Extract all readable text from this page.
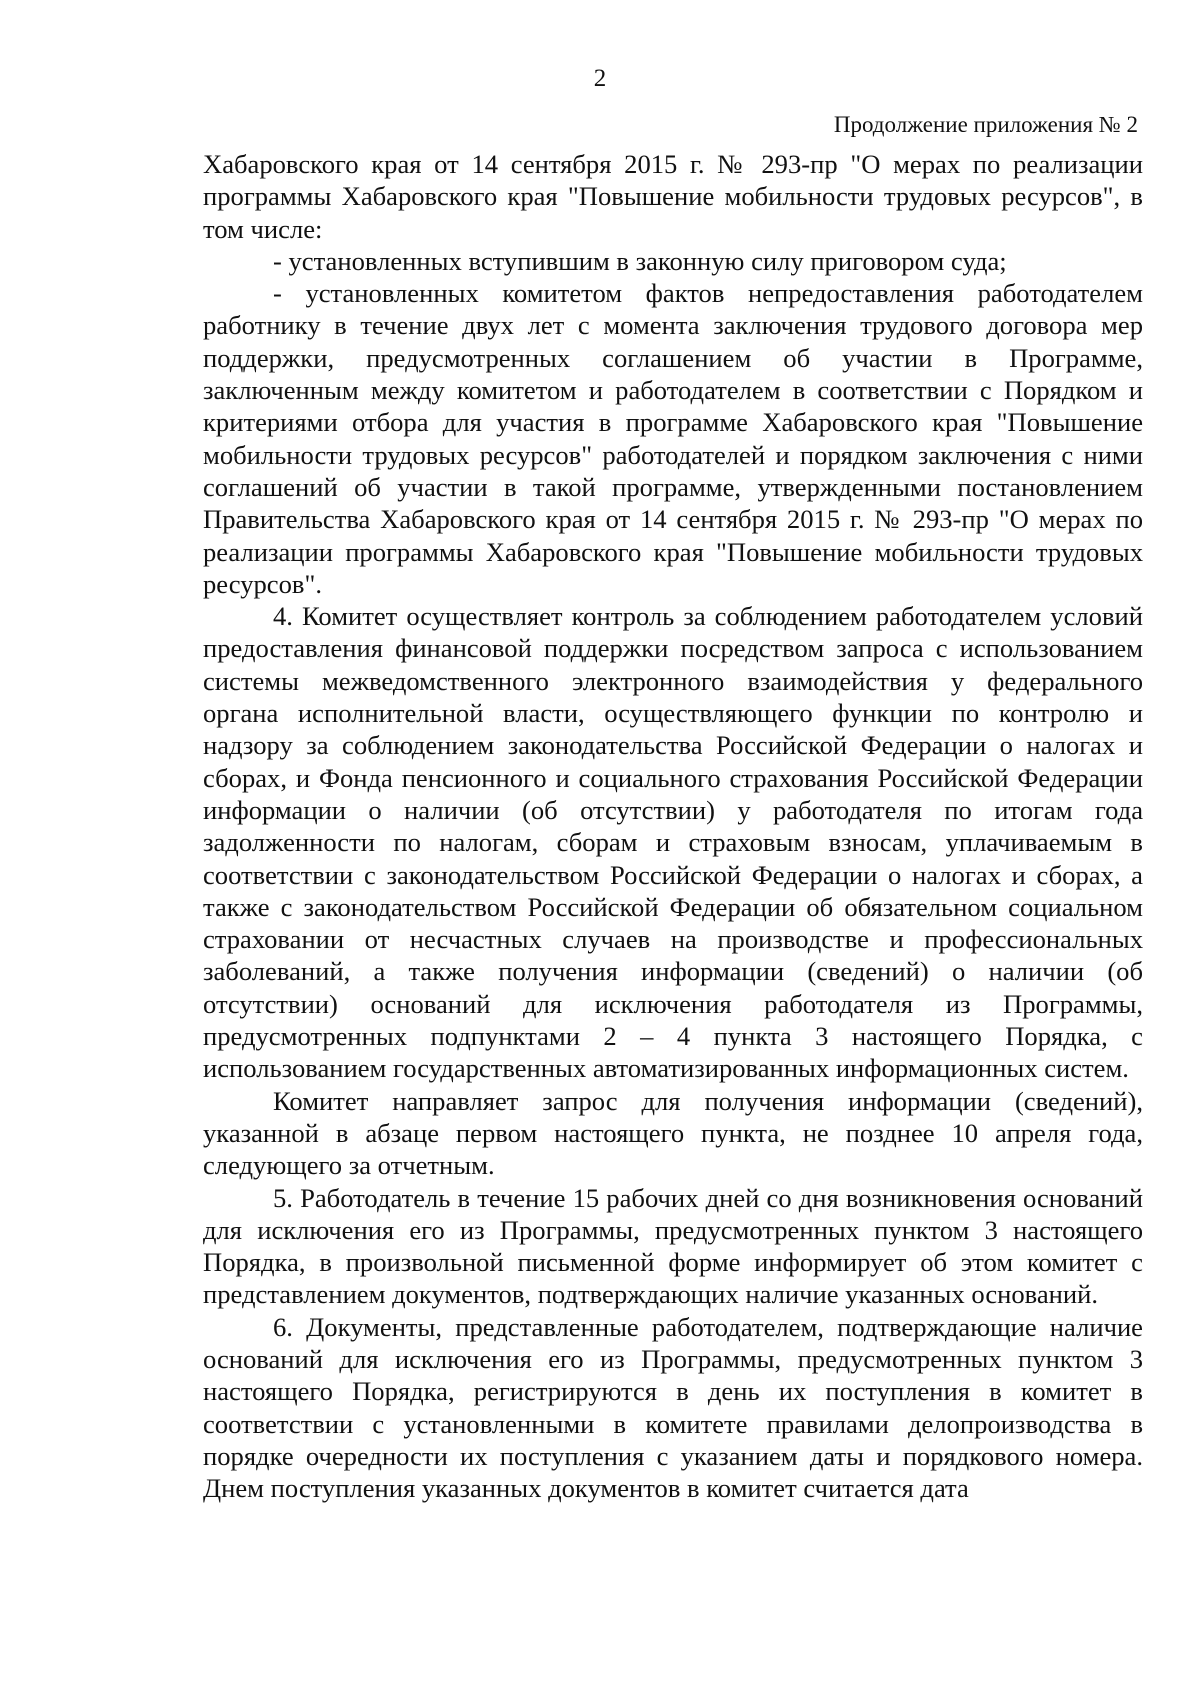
2
Продолжение приложения № 2

Хабаровского края от 14 сентября 2015 г. № 293-пр "О мерах по реализации программы Хабаровского края "Повышение мобильности трудовых ресурсов", в том числе:

- установленных вступившим в законную силу приговором суда;

- установленных комитетом фактов непредоставления работодателем работнику в течение двух лет с момента заключения трудового договора мер поддержки, предусмотренных соглашением об участии в Программе, заключенным между комитетом и работодателем в соответствии с Порядком и критериями отбора для участия в программе Хабаровского края "Повышение мобильности трудовых ресурсов" работодателей и порядком заключения с ними соглашений об участии в такой программе, утвержденными постановлением Правительства Хабаровского края от 14 сентября 2015 г. № 293-пр "О мерах по реализации программы Хабаровского края "Повышение мобильности трудовых ресурсов".

4. Комитет осуществляет контроль за соблюдением работодателем условий предоставления финансовой поддержки посредством запроса с использованием системы межведомственного электронного взаимодействия у федерального органа исполнительной власти, осуществляющего функции по контролю и надзору за соблюдением законодательства Российской Федерации о налогах и сборах, и Фонда пенсионного и социального страхования Российской Федерации информации о наличии (об отсутствии) у работодателя по итогам года задолженности по налогам, сборам и страховым взносам, уплачиваемым в соответствии с законодательством Российской Федерации о налогах и сборах, а также с законодательством Российской Федерации об обязательном социальном страховании от несчастных случаев на производстве и профессиональных заболеваний, а также получения информации (сведений) о наличии (об отсутствии) оснований для исключения работодателя из Программы, предусмотренных подпунктами 2 – 4 пункта 3 настоящего Порядка, с использованием государственных автоматизированных информационных систем.

Комитет направляет запрос для получения информации (сведений), указанной в абзаце первом настоящего пункта, не позднее 10 апреля года, следующего за отчетным.

5. Работодатель в течение 15 рабочих дней со дня возникновения оснований для исключения его из Программы, предусмотренных пунктом 3 настоящего Порядка, в произвольной письменной форме информирует об этом комитет с представлением документов, подтверждающих наличие указанных оснований.

6. Документы, представленные работодателем, подтверждающие наличие оснований для исключения его из Программы, предусмотренных пунктом 3 настоящего Порядка, регистрируются в день их поступления в комитет в соответствии с установленными в комитете правилами делопроизводства в порядке очередности их поступления с указанием даты и порядкового номера. Днем поступления указанных документов в комитет считается дата
